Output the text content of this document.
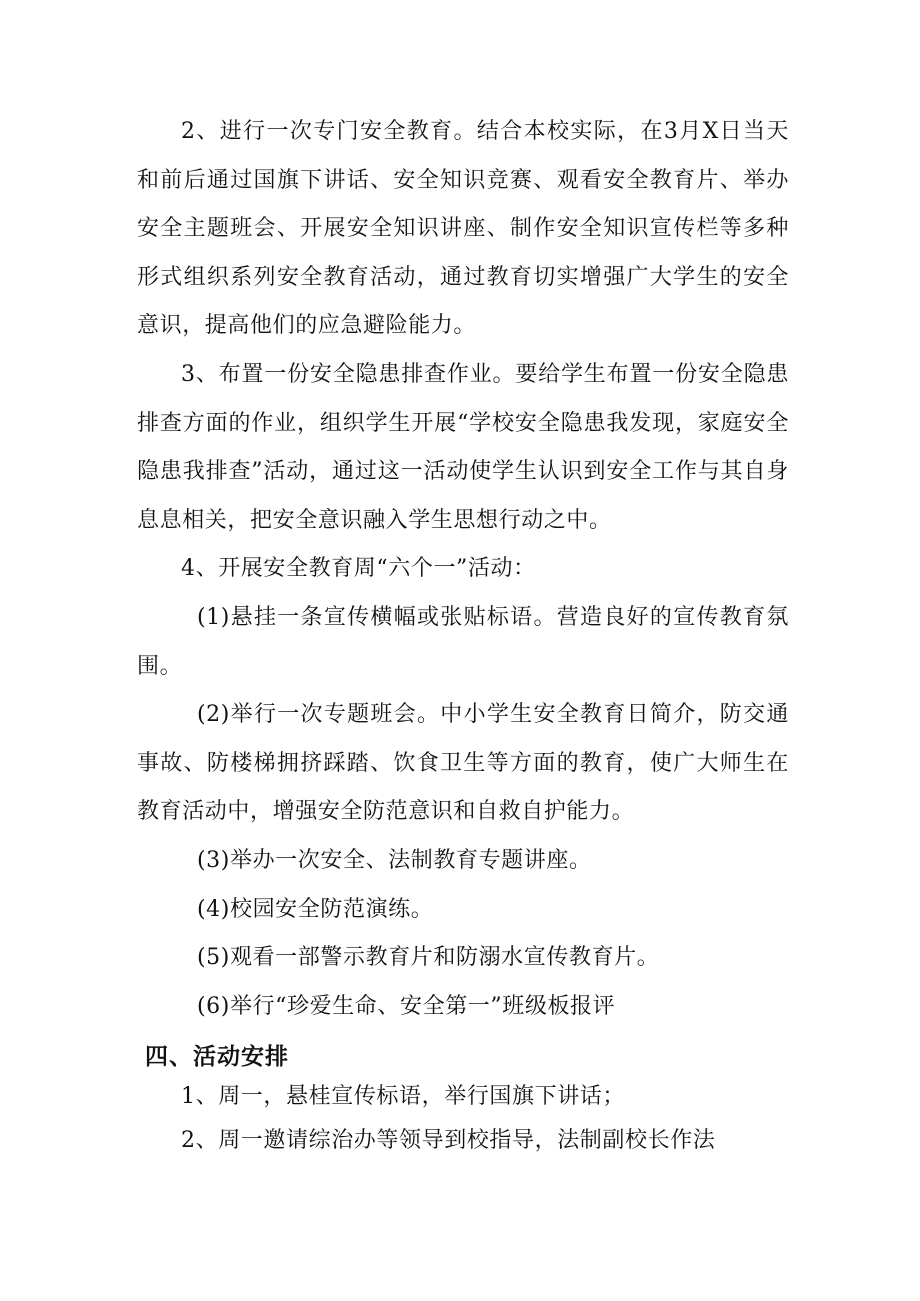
2、进行一次专门安全教育。结合本校实际，在3月X日当天和前后通过国旗下讲话、安全知识竞赛、观看安全教育片、举办安全主题班会、开展安全知识讲座、制作安全知识宣传栏等多种形式组织系列安全教育活动，通过教育切实增强广大学生的安全意识，提高他们的应急避险能力。

3、布置一份安全隐患排查作业。要给学生布置一份安全隐患排查方面的作业，组织学生开展“学校安全隐患我发现，家庭安全隐患我排查”活动，通过这一活动使学生认识到安全工作与其自身息息相关，把安全意识融入学生思想行动之中。

4、开展安全教育周“六个一”活动：

(1)悬挂一条宣传横幅或张贴标语。营造良好的宣传教育氛围。

(2)举行一次专题班会。中小学生安全教育日简介，防交通事故、防楼梯拥挤踩踏、饮食卫生等方面的教育，使广大师生在教育活动中，增强安全防范意识和自救自护能力。

(3)举办一次安全、法制教育专题讲座。

(4)校园安全防范演练。

(5)观看一部警示教育片和防溺水宣传教育片。

(6)举行“珍爱生命、安全第一”班级板报评

四、活动安排

1、周一，悬桂宣传标语，举行国旗下讲话；

2、周一邀请综治办等领导到校指导，法制副校长作法
